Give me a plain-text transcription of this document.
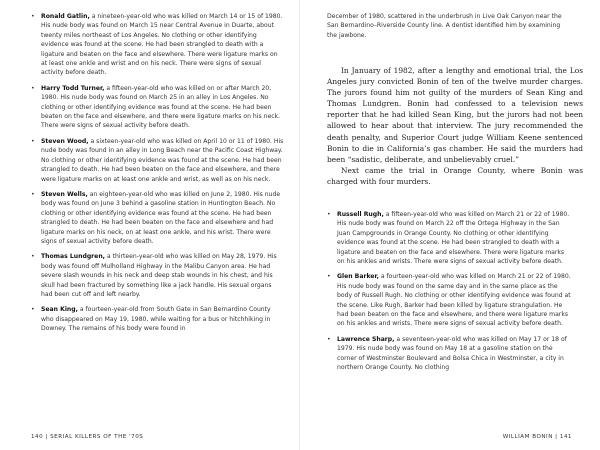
• Ronald Gatlin, a nineteen-year-old who was killed on March 14 or 15 of 1980. His nude body was found on March 15 near Central Avenue in Duarte, about twenty miles northeast of Los Angeles. No clothing or other identifying evidence was found at the scene. He had been strangled to death with a ligature and beaten on the face and elsewhere. There were ligature marks on at least one ankle and wrist and on his neck. There were signs of sexual activity before death.
• Harry Todd Turner, a fifteen-year-old who was killed on or after March 20, 1980. His nude body was found on March 25 in an alley in Los Angeles. No clothing or other identifying evidence was found at the scene. He had been beaten on the face and elsewhere, and there were ligature marks on his neck. There were signs of sexual activity before death.
• Steven Wood, a sixteen-year-old who was killed on April 10 or 11 of 1980. His nude body was found in an alley in Long Beach near the Pacific Coast Highway. No clothing or other identifying evidence was found at the scene. He had been strangled to death. He had been beaten on the face and elsewhere, and there were ligature marks on at least one ankle and wrist, as well as on his neck.
• Steven Wells, an eighteen-year-old who was killed on June 2, 1980. His nude body was found on June 3 behind a gasoline station in Huntington Beach. No clothing or other identifying evidence was found at the scene. He had been strangled to death. He had been beaten on the face and elsewhere and had ligature marks on his neck, on at least one ankle, and his wrist. There were signs of sexual activity before death.
• Thomas Lundgren, a thirteen-year-old who was killed on May 28, 1979. His body was found off Mulholland Highway in the Malibu Canyon area. He had severe slash wounds in his neck and deep stab wounds in his chest, and his skull had been fractured by something like a jack handle. His sexual organs had been cut off and left nearby.
• Sean King, a fourteen-year-old from South Gate in San Bernardino County who disappeared on May 19, 1980, while waiting for a bus or hitchhiking in Downey. The remains of his body were found in
140 | SERIAL KILLERS OF THE '70S
December of 1980, scattered in the underbrush in Live Oak Canyon near the San Bernardino–Riverside County line. A dentist identified him by examining the jawbone.

In January of 1982, after a lengthy and emotional trial, the Los Angeles jury convicted Bonin of ten of the twelve murder charges. The jurors found him not guilty of the murders of Sean King and Thomas Lundgren. Bonin had confessed to a television news reporter that he had killed Sean King, but the jurors had not been allowed to hear about that interview. The jury recommended the death penalty, and Superior Court judge William Keene sentenced Bonin to die in California’s gas chamber. He said the murders had been “sadistic, deliberate, and unbelievably cruel.”

Next came the trial in Orange County, where Bonin was charged with four murders.

• Russell Rugh, a fifteen-year-old who was killed on March 21 or 22 of 1980. His nude body was found on March 22 off the Ortega Highway in the San Juan Campgrounds in Orange County. No clothing or other identifying evidence was found at the scene. He had been strangled to death with a ligature and beaten on the face and elsewhere. There were ligature marks on his ankles and wrists. There were signs of sexual activity before death.
• Glen Barker, a fourteen-year-old who was killed on March 21 or 22 of 1980. His nude body was found on the same day and in the same place as the body of Russell Rugh. No clothing or other identifying evidence was found at the scene. Like Rugh, Barker had been killed by ligature strangulation. He had been beaten on the face and elsewhere, and there were ligature marks on his ankles and wrists. There were signs of sexual activity before death.
• Lawrence Sharp, a seventeen-year-old who was killed on May 17 or 18 of 1979. His nude body was found on May 18 at a gasoline station on the corner of Westminster Boulevard and Bolsa Chica in Westminster, a city in northern Orange County. No clothing
WILLIAM BONIN | 141
